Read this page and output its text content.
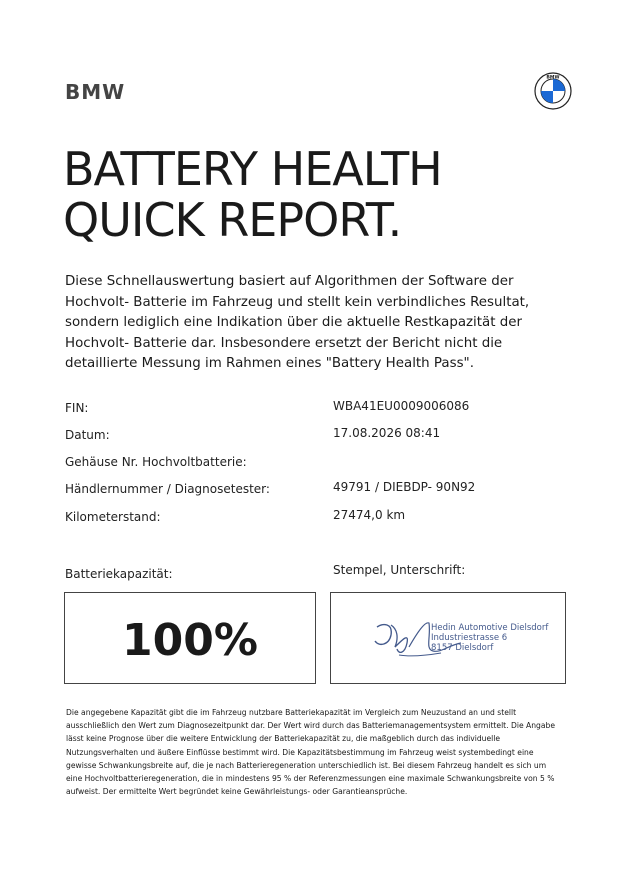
BMW
BMW
BATTERY HEALTH
QUICK REPORT.

Diese Schnellauswertung basiert auf Algorithmen der Software der Hochvolt- Batterie im Fahrzeug und stellt kein verbindliches Resultat, sondern lediglich eine Indikation über die aktuelle Restkapazität der Hochvolt- Batterie dar. Insbesondere ersetzt der Bericht nicht die detaillierte Messung im Rahmen eines "Battery Health Pass".

FIN:	WBA41EU0009006086
Datum:	17.08.2026 08:41
Gehäuse Nr. Hochvoltbatterie:
Händlernummer / Diagnosetester:	49791 / DIEBDP- 90N92
Kilometerstand:	27474,0 km
Batteriekapazität:	Stempel, Unterschrift:
100%	Hedin Automotive Dielsdorf
Industriestrasse 6
8157 Dielsdorf

Die angegebene Kapazität gibt die im Fahrzeug nutzbare Batteriekapazität im Vergleich zum Neuzustand an und stellt ausschließlich den Wert zum Diagnosezeitpunkt dar. Der Wert wird durch das Batteriemanagementsystem ermittelt. Die Angabe lässt keine Prognose über die weitere Entwicklung der Batteriekapazität zu, die maßgeblich durch das individuelle Nutzungsverhalten und äußere Einflüsse bestimmt wird. Die Kapazitätsbestimmung im Fahrzeug weist systembedingt eine gewisse Schwankungsbreite auf, die je nach Batterieregeneration unterschiedlich ist. Bei diesem Fahrzeug handelt es sich um eine Hochvoltbatterieregeneration, die in mindestens 95 % der Referenzmessungen eine maximale Schwankungsbreite von 5 % aufweist. Der ermittelte Wert begründet keine Gewährleistungs- oder Garantieansprüche.
